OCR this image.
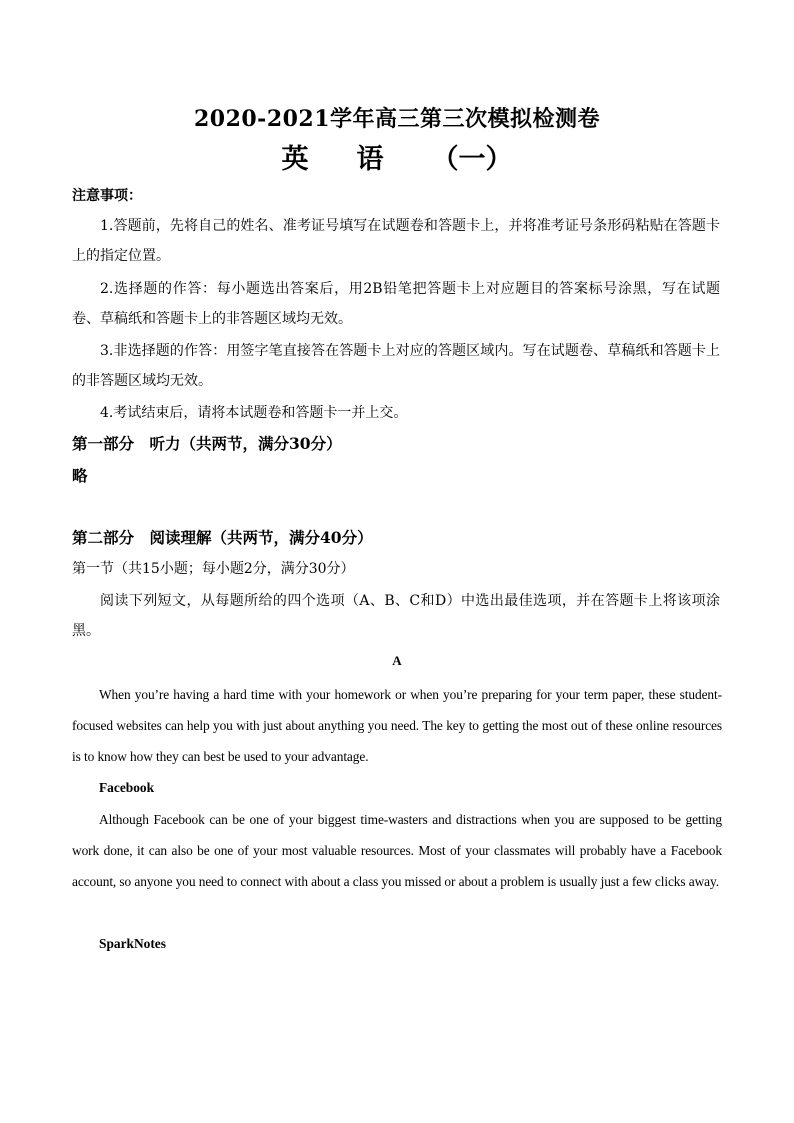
2020-2021学年高三第三次模拟检测卷
英 语 （一）
注意事项：
1.答题前，先将自己的姓名、准考证号填写在试题卷和答题卡上，并将准考证号条形码粘贴在答题卡上的指定位置。
2.选择题的作答：每小题选出答案后，用2B铅笔把答题卡上对应题目的答案标号涂黑，写在试题卷、草稿纸和答题卡上的非答题区域均无效。
3.非选择题的作答：用签字笔直接答在答题卡上对应的答题区域内。写在试题卷、草稿纸和答题卡上的非答题区域均无效。
4.考试结束后，请将本试题卷和答题卡一并上交。
第一部分　听力（共两节，满分30分）
略
第二部分　阅读理解（共两节，满分40分）
第一节（共15小题；每小题2分，满分30分）
阅读下列短文，从每题所给的四个选项（A、B、C和D）中选出最佳选项，并在答题卡上将该项涂黑。
A
When you’re having a hard time with your homework or when you’re preparing for your term paper, these student-focused websites can help you with just about anything you need. The key to getting the most out of these online resources is to know how they can best be used to your advantage.
Facebook
Although Facebook can be one of your biggest time-wasters and distractions when you are supposed to be getting work done, it can also be one of your most valuable resources. Most of your classmates will probably have a Facebook account, so anyone you need to connect with about a class you missed or about a problem is usually just a few clicks away.
SparkNotes
